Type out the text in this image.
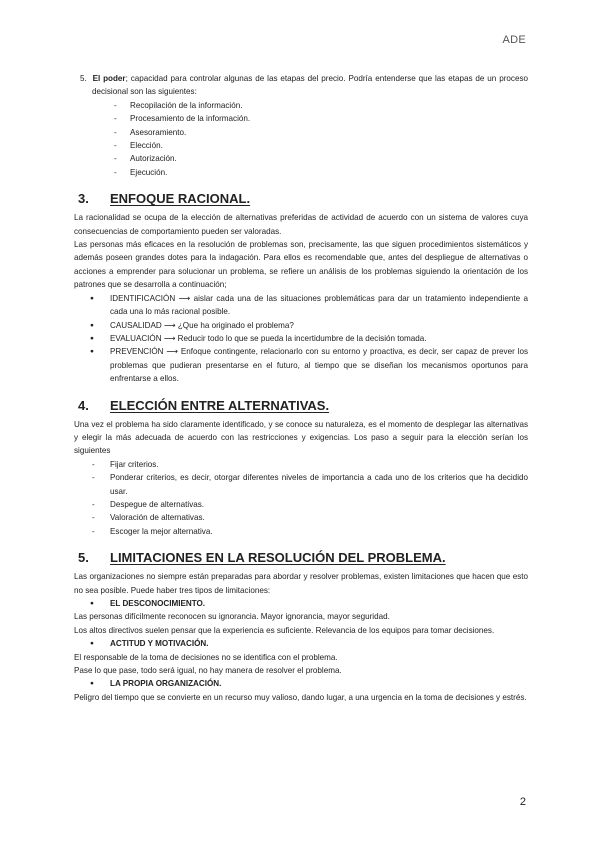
ADE

5. El poder; capacidad para controlar algunas de las etapas del precio. Podría entenderse que las etapas de un proceso decisional son las siguientes:

- Recopilación de la información.

- Procesamiento de la información.

- Asesoramiento.

- Elección.

- Autorización.

- Ejecución.

3. ENFOQUE RACIONAL.

La racionalidad se ocupa de la elección de alternativas preferidas de actividad de acuerdo con un sistema de valores cuya consecuencias de comportamiento pueden ser valoradas.

Las personas más eficaces en la resolución de problemas son, precisamente, las que siguen procedimientos sistemáticos y además poseen grandes dotes para la indagación. Para ellos es recomendable que, antes del despliegue de alternativas o acciones a emprender para solucionar un problema, se refiere un análisis de los problemas siguiendo la orientación de los patrones que se desarrolla a continuación;

● IDENTIFICACIÓN ⟶ aislar cada una de las situaciones problemáticas para dar un tratamiento independiente a cada una lo más racional posible.

● CAUSALIDAD ⟶ ¿Que ha originado el problema?

● EVALUACIÓN ⟶ Reducir todo lo que se pueda la incertidumbre de la decisión tomada.

● PREVENCIÓN ⟶ Enfoque contingente, relacionarlo con su entorno y proactiva, es decir, ser capaz de prever los problemas que pudieran presentarse en el futuro, al tiempo que se diseñan los mecanismos oportunos para enfrentarse a ellos.

4. ELECCIÓN ENTRE ALTERNATIVAS.

Una vez el problema ha sido claramente identificado, y se conoce su naturaleza, es el momento de desplegar las alternativas y elegir la más adecuada de acuerdo con las restricciones y exigencias. Los paso a seguir para la elección serían los siguientes

- Fijar criterios.

- Ponderar criterios, es decir, otorgar diferentes niveles de importancia a cada uno de los criterios que ha decidido usar.

- Despegue de alternativas.

- Valoración de alternativas.

- Escoger la mejor alternativa.

5. LIMITACIONES EN LA RESOLUCIÓN DEL PROBLEMA.

Las organizaciones no siempre están preparadas para abordar y resolver problemas, existen limitaciones que hacen que esto no sea posible. Puede haber tres tipos de limitaciones:

● EL DESCONOCIMIENTO.

Las personas difícilmente reconocen su ignorancia. Mayor ignorancia, mayor seguridad.

Los altos directivos suelen pensar que la experiencia es suficiente. Relevancia de los equipos para tomar decisiones.

● ACTITUD Y MOTIVACIÓN.

El responsable de la toma de decisiones no se identifica con el problema.

Pase lo que pase, todo será igual, no hay manera de resolver el problema.

● LA PROPIA ORGANIZACIÓN.

Peligro del tiempo que se convierte en un recurso muy valioso, dando lugar, a una urgencia en la toma de decisiones y estrés.

2
